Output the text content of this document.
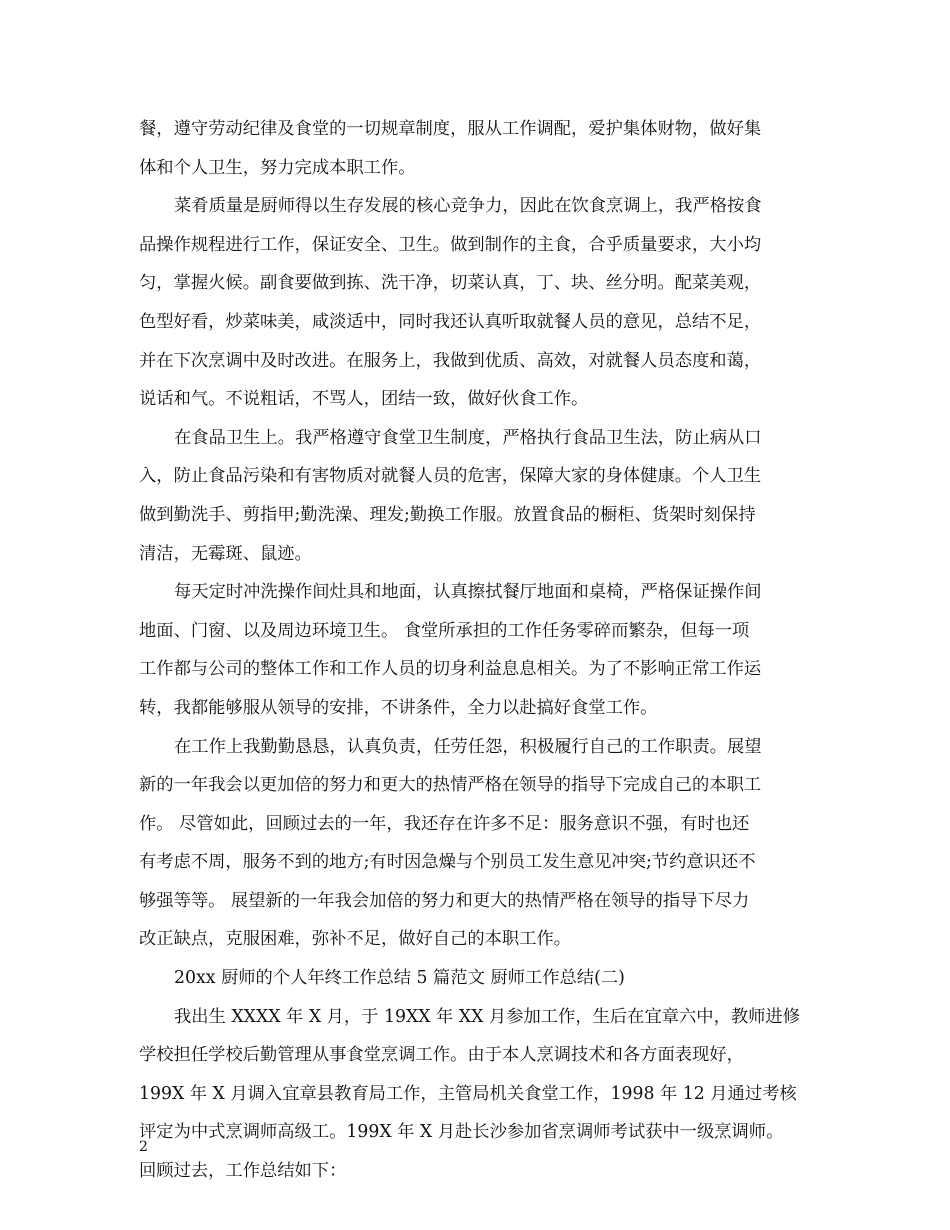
餐，遵守劳动纪律及食堂的一切规章制度，服从工作调配，爱护集体财物，做好集
体和个人卫生，努力完成本职工作。
菜肴质量是厨师得以生存发展的核心竞争力，因此在饮食烹调上，我严格按食
品操作规程进行工作，保证安全、卫生。做到制作的主食，合乎质量要求，大小均
匀，掌握火候。副食要做到拣、洗干净，切菜认真，丁、块、丝分明。配菜美观，
色型好看，炒菜味美，咸淡适中，同时我还认真听取就餐人员的意见，总结不足，
并在下次烹调中及时改进。在服务上，我做到优质、高效，对就餐人员态度和蔼，
说话和气。不说粗话，不骂人，团结一致，做好伙食工作。
在食品卫生上。我严格遵守食堂卫生制度，严格执行食品卫生法，防止病从口
入，防止食品污染和有害物质对就餐人员的危害，保障大家的身体健康。个人卫生
做到勤洗手、剪指甲;勤洗澡、理发;勤换工作服。放置食品的橱柜、货架时刻保持
清洁，无霉斑、鼠迹。
每天定时冲洗操作间灶具和地面，认真擦拭餐厅地面和桌椅，严格保证操作间
地面、门窗、以及周边环境卫生。 食堂所承担的工作任务零碎而繁杂，但每一项
工作都与公司的整体工作和工作人员的切身利益息息相关。为了不影响正常工作运
转，我都能够服从领导的安排，不讲条件，全力以赴搞好食堂工作。
在工作上我勤勤恳恳，认真负责，任劳任怨，积极履行自己的工作职责。展望
新的一年我会以更加倍的努力和更大的热情严格在领导的指导下完成自己的本职工
作。 尽管如此，回顾过去的一年，我还存在许多不足：服务意识不强，有时也还
有考虑不周，服务不到的地方;有时因急燥与个别员工发生意见冲突;节约意识还不
够强等等。 展望新的一年我会加倍的努力和更大的热情严格在领导的指导下尽力
改正缺点，克服困难，弥补不足，做好自己的本职工作。
20xx 厨师的个人年终工作总结 5 篇范文 厨师工作总结(二)
我出生 XXXX 年 X 月，于 19XX 年 XX 月参加工作，生后在宜章六中，教师进修
学校担任学校后勤管理从事食堂烹调工作。由于本人烹调技术和各方面表现好，
199X 年 X 月调入宜章县教育局工作，主管局机关食堂工作，1998 年 12 月通过考核
评定为中式烹调师高级工。199X 年 X 月赴长沙参加省烹调师考试获中一级烹调师。
回顾过去，工作总结如下：
2
